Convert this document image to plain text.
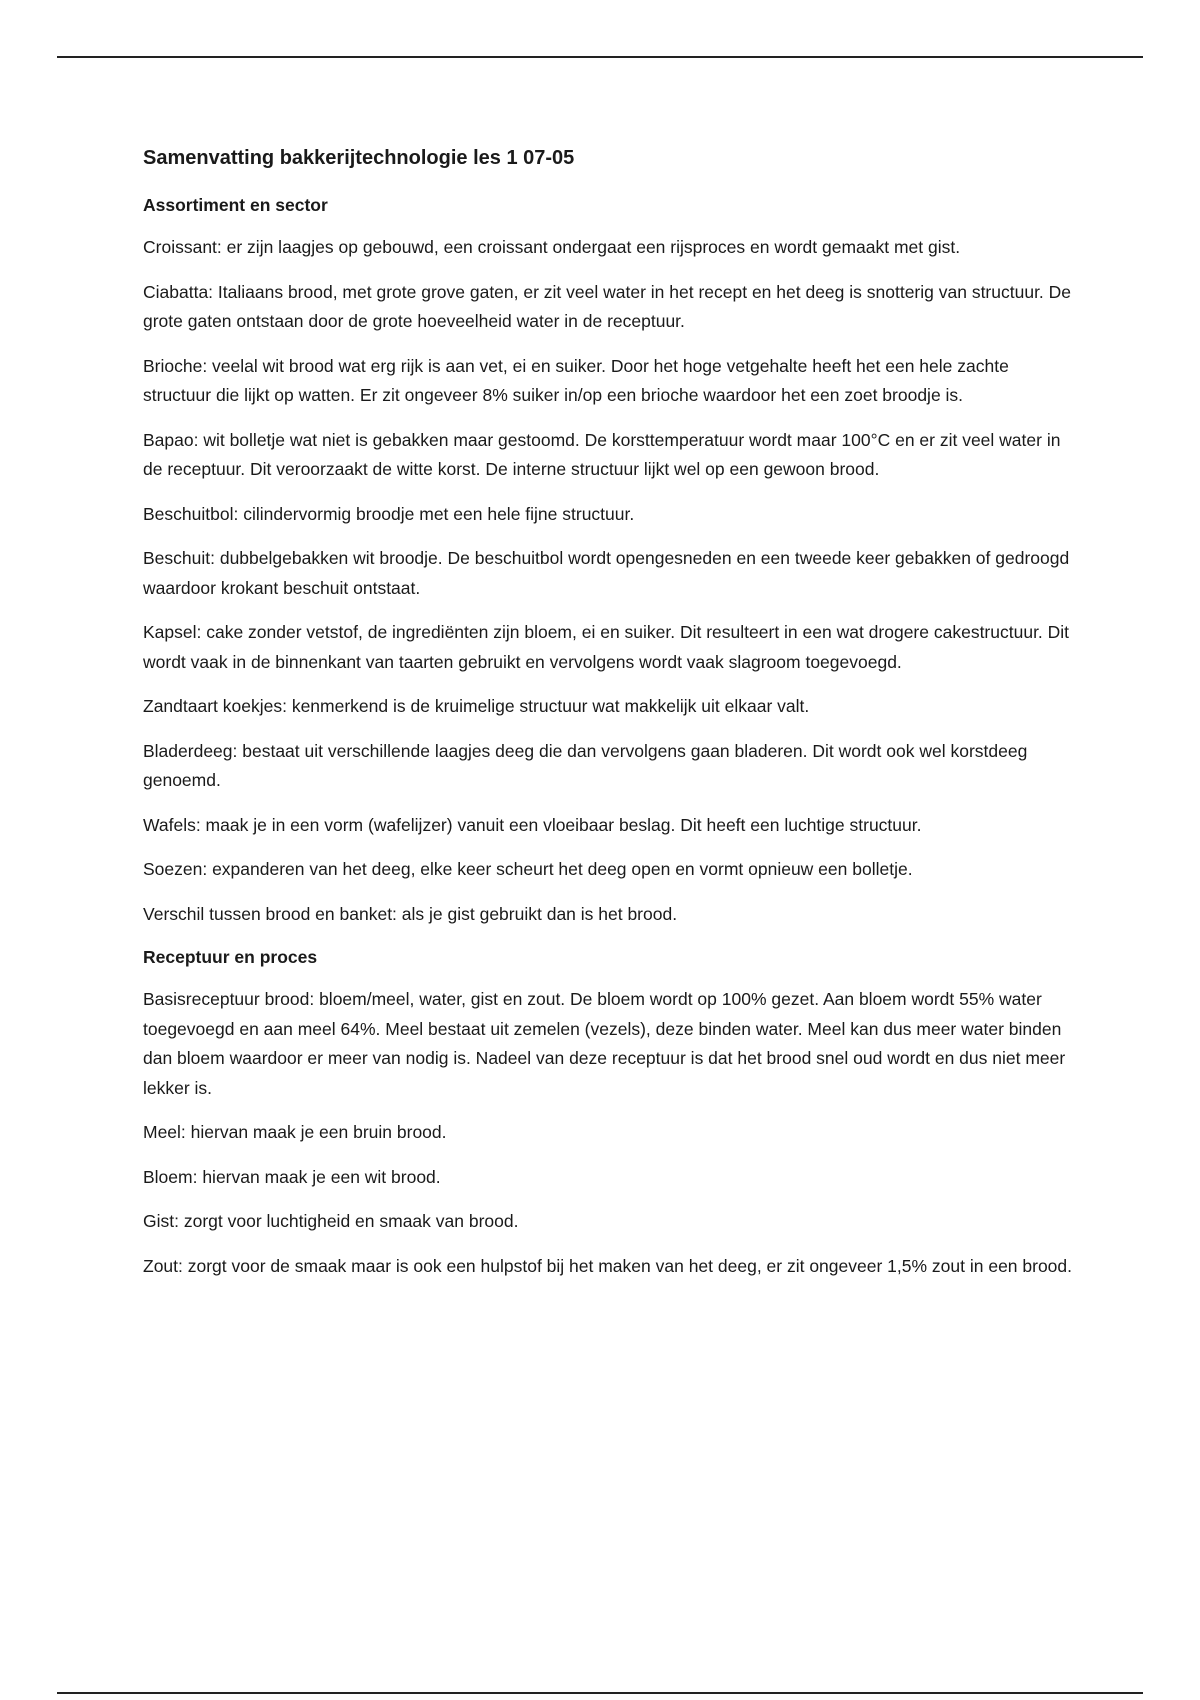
Samenvatting bakkerijtechnologie les 1 07-05
Assortiment en sector

Croissant: er zijn laagjes op gebouwd, een croissant ondergaat een rijsproces en wordt gemaakt met gist.

Ciabatta: Italiaans brood, met grote grove gaten, er zit veel water in het recept en het deeg is snotterig van structuur. De grote gaten ontstaan door de grote hoeveelheid water in de receptuur.

Brioche: veelal wit brood wat erg rijk is aan vet, ei en suiker. Door het hoge vetgehalte heeft het een hele zachte structuur die lijkt op watten. Er zit ongeveer 8% suiker in/op een brioche waardoor het een zoet broodje is.

Bapao: wit bolletje wat niet is gebakken maar gestoomd. De korsttemperatuur wordt maar 100°C en er zit veel water in de receptuur. Dit veroorzaakt de witte korst. De interne structuur lijkt wel op een gewoon brood.

Beschuitbol: cilindervormig broodje met een hele fijne structuur.

Beschuit: dubbelgebakken wit broodje. De beschuitbol wordt opengesneden en een tweede keer gebakken of gedroogd waardoor krokant beschuit ontstaat.

Kapsel: cake zonder vetstof, de ingrediënten zijn bloem, ei en suiker. Dit resulteert in een wat drogere cakestructuur. Dit wordt vaak in de binnenkant van taarten gebruikt en vervolgens wordt vaak slagroom toegevoegd.

Zandtaart koekjes: kenmerkend is de kruimelige structuur wat makkelijk uit elkaar valt.

Bladerdeeg: bestaat uit verschillende laagjes deeg die dan vervolgens gaan bladeren. Dit wordt ook wel korstdeeg genoemd.

Wafels: maak je in een vorm (wafelijzer) vanuit een vloeibaar beslag. Dit heeft een luchtige structuur.

Soezen: expanderen van het deeg, elke keer scheurt het deeg open en vormt opnieuw een bolletje.

Verschil tussen brood en banket: als je gist gebruikt dan is het brood.

Receptuur en proces

Basisreceptuur brood: bloem/meel, water, gist en zout. De bloem wordt op 100% gezet. Aan bloem wordt 55% water toegevoegd en aan meel 64%. Meel bestaat uit zemelen (vezels), deze binden water. Meel kan dus meer water binden dan bloem waardoor er meer van nodig is. Nadeel van deze receptuur is dat het brood snel oud wordt en dus niet meer lekker is.

Meel: hiervan maak je een bruin brood.

Bloem: hiervan maak je een wit brood.

Gist: zorgt voor luchtigheid en smaak van brood.

Zout: zorgt voor de smaak maar is ook een hulpstof bij het maken van het deeg, er zit ongeveer 1,5% zout in een brood.
